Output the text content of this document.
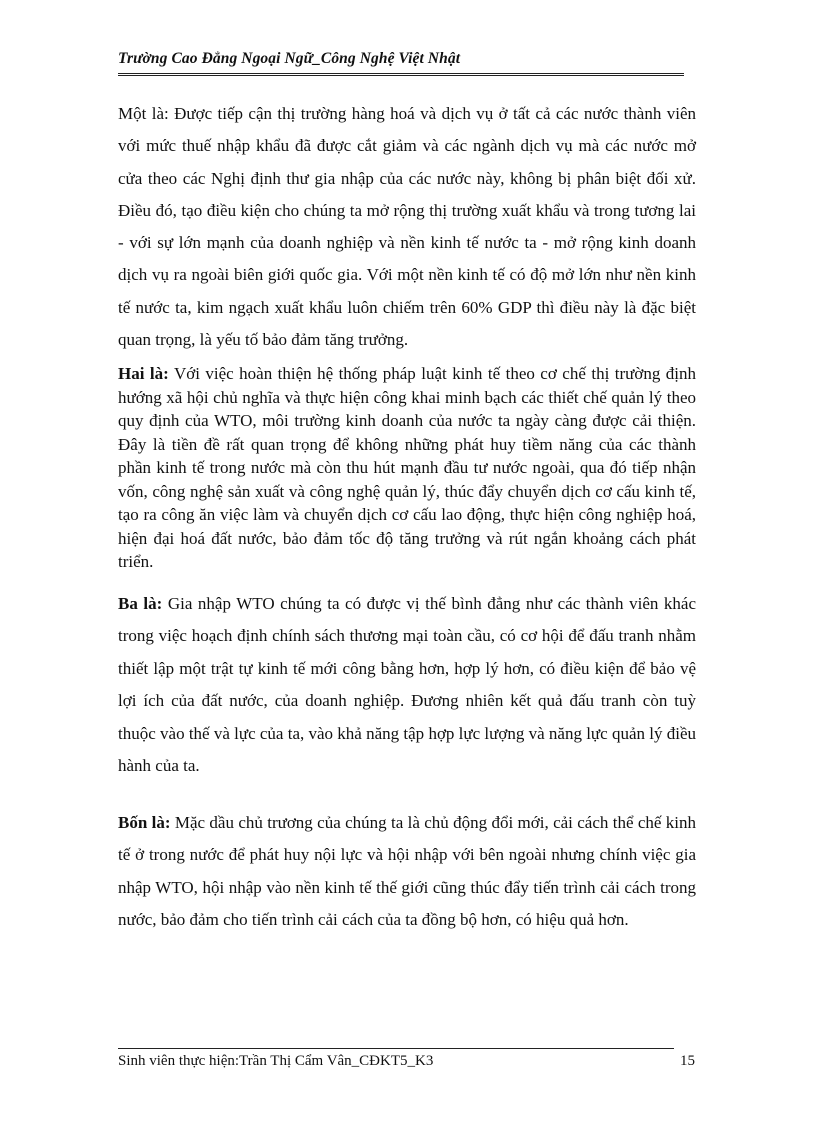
Trường Cao Đẳng Ngoại Ngữ_Công Nghệ Việt Nhật

Một là: Được tiếp cận thị trường hàng hoá và dịch vụ ở tất cả các nước thành viên với mức thuế nhập khẩu đã được cắt giảm và các ngành dịch vụ mà các nước mở cửa theo các Nghị định thư gia nhập của các nước này, không bị phân biệt đối xử. Điều đó, tạo điều kiện cho chúng ta mở rộng thị trường xuất khẩu và trong tương lai - với sự lớn mạnh của doanh nghiệp và nền kinh tế nước ta - mở rộng kinh doanh dịch vụ ra ngoài biên giới quốc gia. Với một nền kinh tế có độ mở lớn như nền kinh tế nước ta, kim ngạch xuất khẩu luôn chiếm trên 60% GDP thì điều này là đặc biệt quan trọng, là yếu tố bảo đảm tăng trưởng.

Hai là: Với việc hoàn thiện hệ thống pháp luật kinh tế theo cơ chế thị trường định hướng xã hội chủ nghĩa và thực hiện công khai minh bạch các thiết chế quản lý theo quy định của WTO, môi trường kinh doanh của nước ta ngày càng được cải thiện. Đây là tiền đề rất quan trọng để không những phát huy tiềm năng của các thành phần kinh tế trong nước mà còn thu hút mạnh đầu tư nước ngoài, qua đó tiếp nhận vốn, công nghệ sản xuất và công nghệ quản lý, thúc đẩy chuyển dịch cơ cấu kinh tế, tạo ra công ăn việc làm và chuyển dịch cơ cấu lao động, thực hiện công nghiệp hoá, hiện đại hoá đất nước, bảo đảm tốc độ tăng trưởng và rút ngắn khoảng cách phát triển.

Ba là: Gia nhập WTO chúng ta có được vị thế bình đẳng như các thành viên khác trong việc hoạch định chính sách thương mại toàn cầu, có cơ hội để đấu tranh nhằm thiết lập một trật tự kinh tế mới công bằng hơn, hợp lý hơn, có điều kiện để bảo vệ lợi ích của đất nước, của doanh nghiệp. Đương nhiên kết quả đấu tranh còn tuỳ thuộc vào thế và lực của ta, vào khả năng tập hợp lực lượng và năng lực quản lý điều hành của ta.

Bốn là: Mặc dầu chủ trương của chúng ta là chủ động đổi mới, cải cách thể chế kinh tế ở trong nước để phát huy nội lực và hội nhập với bên ngoài nhưng chính việc gia nhập WTO, hội nhập vào nền kinh tế thế giới cũng thúc đẩy tiến trình cải cách trong nước, bảo đảm cho tiến trình cải cách của ta đồng bộ hơn, có hiệu quả hơn.

Sinh viên thực hiện:Trần Thị Cẩm Vân_CĐKT5_K3	15
